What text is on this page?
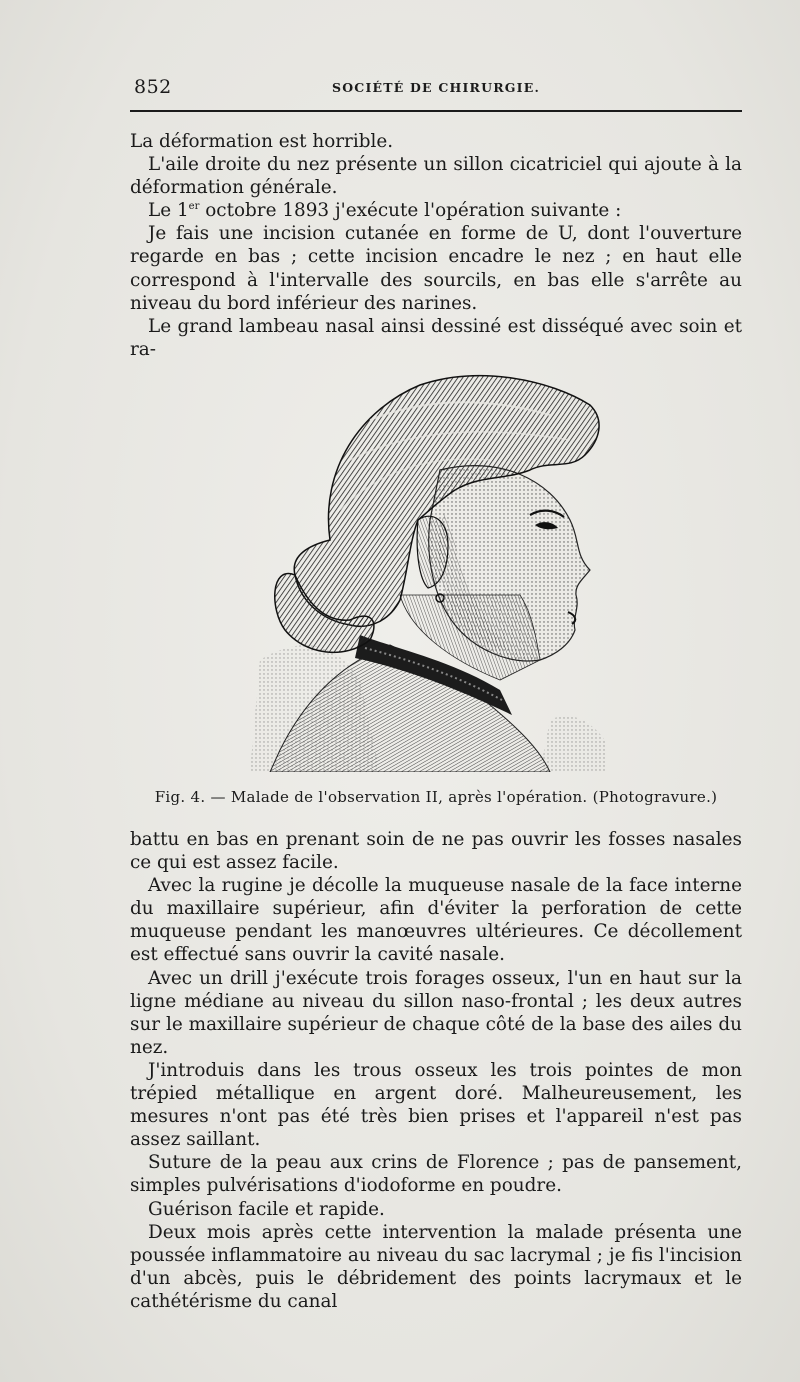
852	SOCIÉTÉ DE CHIRURGIE.

La déformation est horrible.

L'aile droite du nez présente un sillon cicatriciel qui ajoute à la déformation générale.

Le 1er octobre 1893 j'exécute l'opération suivante :

Je fais une incision cutanée en forme de U, dont l'ouverture regarde en bas ; cette incision encadre le nez ; en haut elle correspond à l'intervalle des sourcils, en bas elle s'arrête au niveau du bord inférieur des narines.

Le grand lambeau nasal ainsi dessiné est disséqué avec soin et ra-

Fig. 4. — Malade de l'observation II, après l'opération. (Photogravure.)

battu en bas en prenant soin de ne pas ouvrir les fosses nasales ce qui est assez facile.

Avec la rugine je décolle la muqueuse nasale de la face interne du maxillaire supérieur, afin d'éviter la perforation de cette muqueuse pendant les manœuvres ultérieures. Ce décollement est effectué sans ouvrir la cavité nasale.

Avec un drill j'exécute trois forages osseux, l'un en haut sur la ligne médiane au niveau du sillon naso-frontal ; les deux autres sur le maxillaire supérieur de chaque côté de la base des ailes du nez.

J'introduis dans les trous osseux les trois pointes de mon trépied métallique en argent doré. Malheureusement, les mesures n'ont pas été très bien prises et l'appareil n'est pas assez saillant.

Suture de la peau aux crins de Florence ; pas de pansement, simples pulvérisations d'iodoforme en poudre.

Guérison facile et rapide.

Deux mois après cette intervention la malade présenta une poussée inflammatoire au niveau du sac lacrymal ; je fis l'incision d'un abcès, puis le débridement des points lacrymaux et le cathétérisme du canal
